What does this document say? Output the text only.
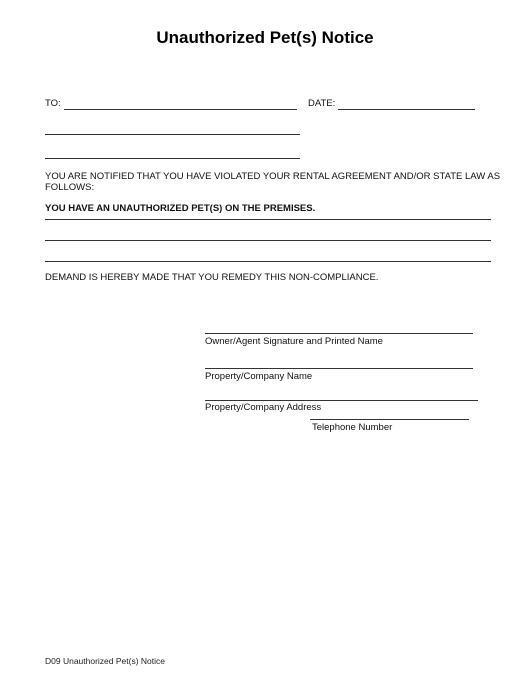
Unauthorized Pet(s) Notice
TO:	DATE:
YOU ARE NOTIFIED THAT YOU HAVE VIOLATED YOUR RENTAL AGREEMENT AND/OR STATE LAW AS
FOLLOWS:
YOU HAVE AN UNAUTHORIZED PET(S) ON THE PREMISES.
DEMAND IS HEREBY MADE THAT YOU REMEDY THIS NON-COMPLIANCE.
Owner/Agent Signature and Printed Name
Property/Company Name
Property/Company Address
Telephone Number
D09 Unauthorized Pet(s) Notice
